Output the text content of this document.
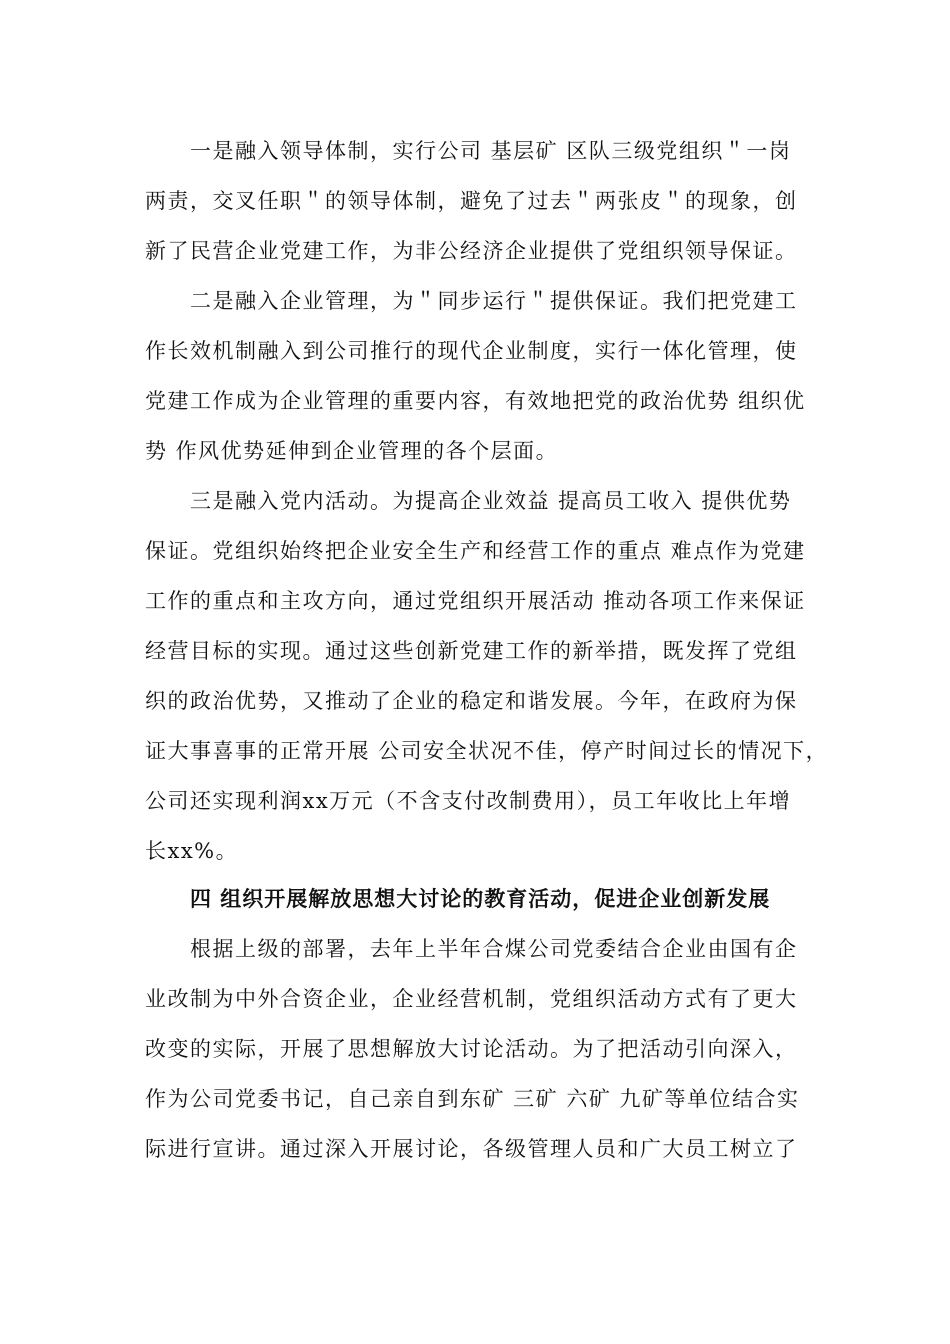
一是融入领导体制，实行公司 基层矿 区队三级党组织＂一岗
两责，交叉任职＂的领导体制，避免了过去＂两张皮＂的现象，创
新了民营企业党建工作，为非公经济企业提供了党组织领导保证。
二是融入企业管理，为＂同步运行＂提供保证。我们把党建工
作长效机制融入到公司推行的现代企业制度，实行一体化管理，使
党建工作成为企业管理的重要内容，有效地把党的政治优势 组织优
势 作风优势延伸到企业管理的各个层面。
三是融入党内活动。为提高企业效益 提高员工收入 提供优势
保证。党组织始终把企业安全生产和经营工作的重点 难点作为党建
工作的重点和主攻方向，通过党组织开展活动 推动各项工作来保证
经营目标的实现。通过这些创新党建工作的新举措，既发挥了党组
织的政治优势，又推动了企业的稳定和谐发展。今年，在政府为保
证大事喜事的正常开展 公司安全状况不佳，停产时间过长的情况下，
公司还实现利润xx万元（不含支付改制费用），员工年收比上年增
长xx%。
四 组织开展解放思想大讨论的教育活动，促进企业创新发展
根据上级的部署，去年上半年合煤公司党委结合企业由国有企
业改制为中外合资企业，企业经营机制，党组织活动方式有了更大
改变的实际，开展了思想解放大讨论活动。为了把活动引向深入，
作为公司党委书记，自己亲自到东矿 三矿 六矿 九矿等单位结合实
际进行宣讲。通过深入开展讨论，各级管理人员和广大员工树立了
